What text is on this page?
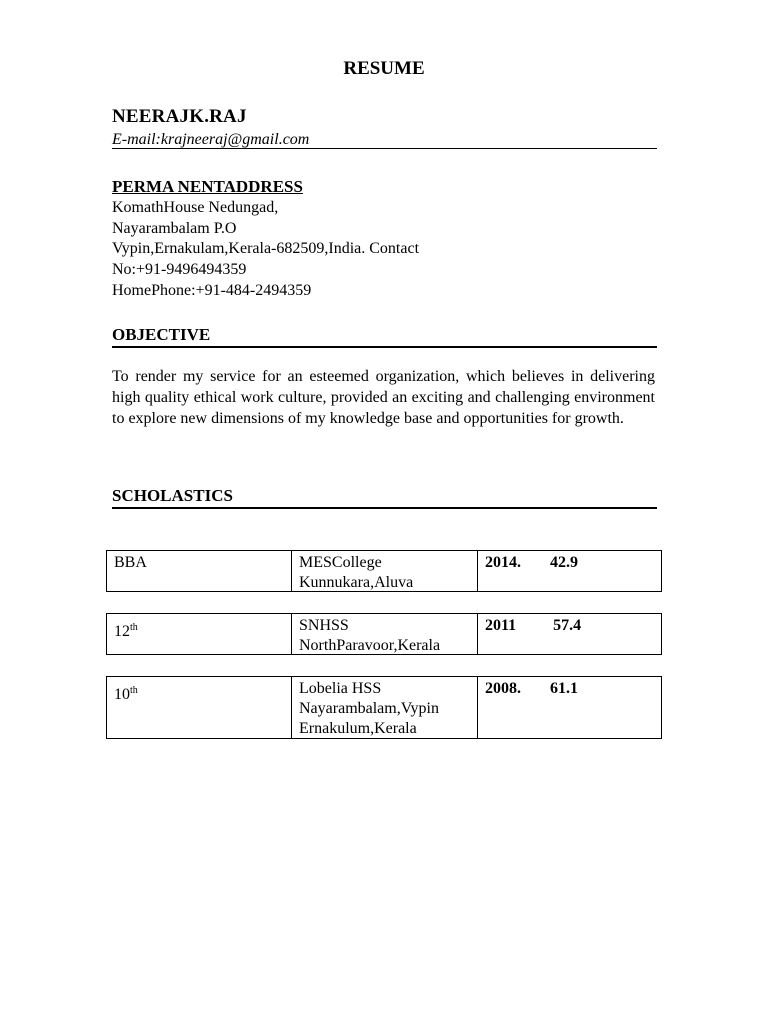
RESUME
NEERAJK.RAJ
E-mail:krajneeraj@gmail.com
PERMA NENTADDRESS
KomathHouse Nedungad,
Nayarambalam P.O
Vypin,Ernakulam,Kerala-682509,India. Contact
No:+91-9496494359
HomePhone:+91-484-2494359
OBJECTIVE
To render my service for an esteemed organization, which believes in delivering high quality ethical work culture, provided an exciting and challenging environment to explore new dimensions of my knowledge base and opportunities for growth.
SCHOLASTICS
BBA	MESCollege
Kunnukara,Aluva
2014. 42.9
12th	SNHSS
NorthParavoor,Kerala
2011 57.4
10th	Lobelia HSS
Nayarambalam,Vypin
Ernakulum,Kerala
2008. 61.1
